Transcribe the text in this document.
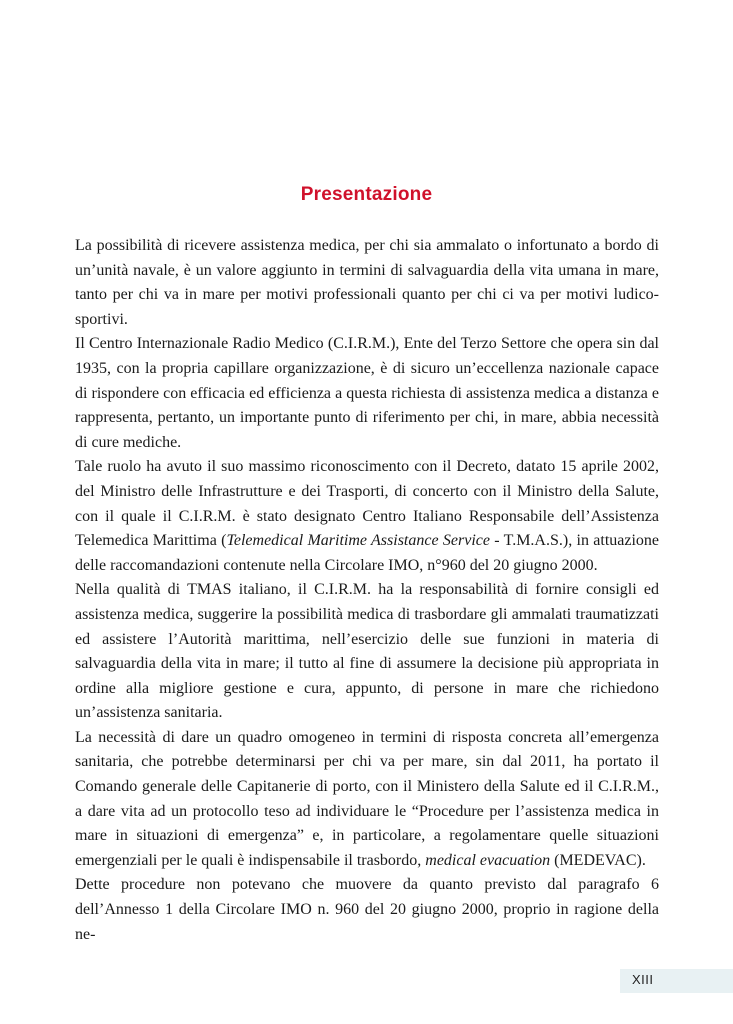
Presentazione

La possibilità di ricevere assistenza medica, per chi sia ammalato o infortunato a bordo di un’unità navale, è un valore aggiunto in termini di salvaguardia della vita umana in mare, tanto per chi va in mare per motivi professionali quanto per chi ci va per motivi ludico-sportivi.

Il Centro Internazionale Radio Medico (C.I.R.M.), Ente del Terzo Settore che opera sin dal 1935, con la propria capillare organizzazione, è di sicuro un’eccellenza nazionale capace di rispondere con efficacia ed efficienza a questa richiesta di assistenza medica a distanza e rappresenta, pertanto, un importante punto di riferimento per chi, in mare, abbia necessità di cure mediche.

Tale ruolo ha avuto il suo massimo riconoscimento con il Decreto, datato 15 aprile 2002, del Ministro delle Infrastrutture e dei Trasporti, di concerto con il Ministro della Salute, con il quale il C.I.R.M. è stato designato Centro Italiano Responsabile dell’Assistenza Telemedica Marittima (Telemedical Maritime Assistance Service - T.M.A.S.), in attuazione delle raccomandazioni contenute nella Circolare IMO, n°960 del 20 giugno 2000.

Nella qualità di TMAS italiano, il C.I.R.M. ha la responsabilità di fornire consigli ed assistenza medica, suggerire la possibilità medica di trasbordare gli ammalati traumatizzati ed assistere l’Autorità marittima, nell’esercizio delle sue funzioni in materia di salvaguardia della vita in mare; il tutto al fine di assumere la decisione più appropriata in ordine alla migliore gestione e cura, appunto, di persone in mare che richiedono un’assistenza sanitaria.

La necessità di dare un quadro omogeneo in termini di risposta concreta all’emergenza sanitaria, che potrebbe determinarsi per chi va per mare, sin dal 2011, ha portato il Comando generale delle Capitanerie di porto, con il Ministero della Salute ed il C.I.R.M., a dare vita ad un protocollo teso ad individuare le “Procedure per l’assistenza medica in mare in situazioni di emergenza” e, in particolare, a regolamentare quelle situazioni emergenziali per le quali è indispensabile il trasbordo, medical evacuation (MEDEVAC).

Dette procedure non potevano che muovere da quanto previsto dal paragrafo 6 dell’Annesso 1 della Circolare IMO n. 960 del 20 giugno 2000, proprio in ragione della ne-

XIII
